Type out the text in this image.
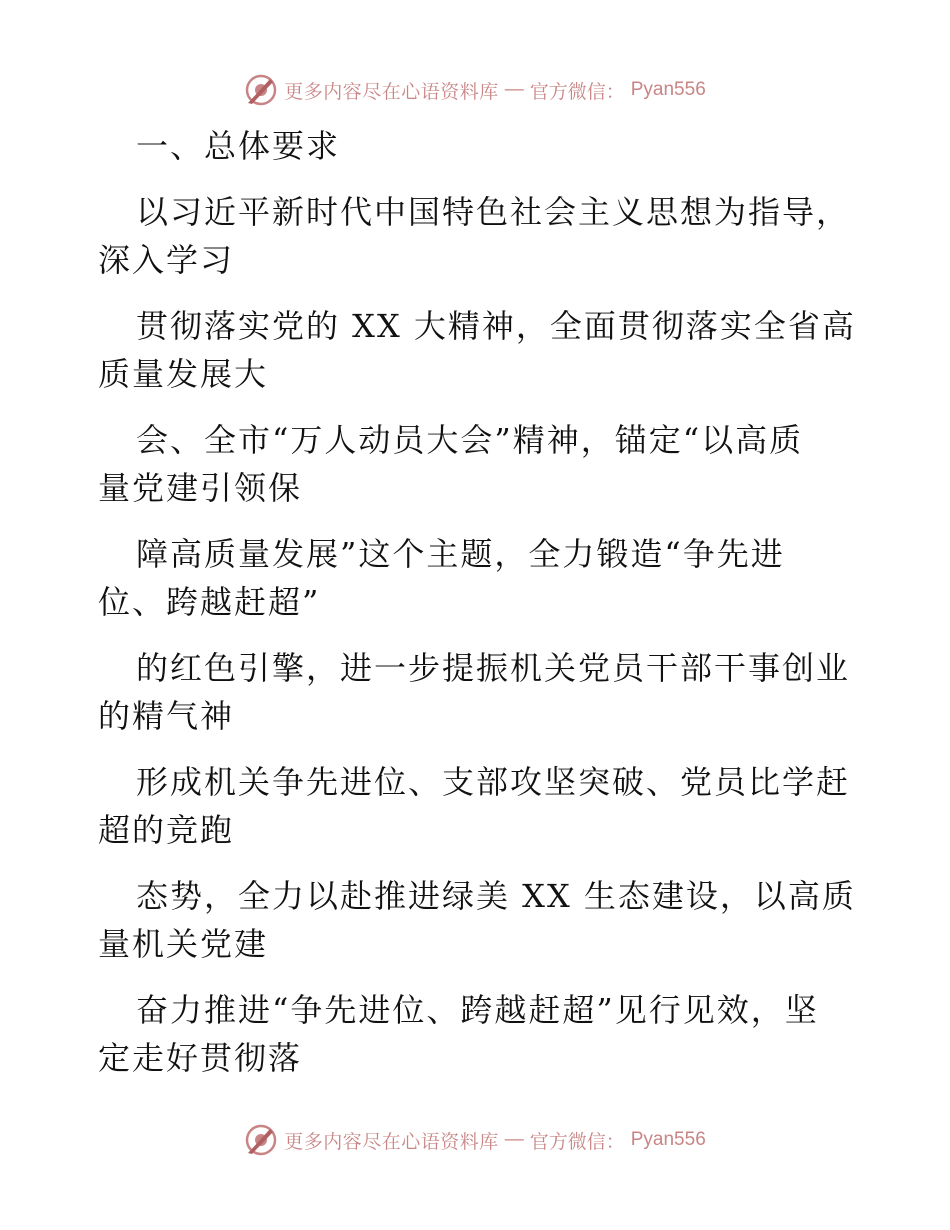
更多内容尽在心语资料库 — 官方微信： Pyan556
一、总体要求
以习近平新时代中国特色社会主义思想为指导，
深入学习
贯彻落实党的 XX 大精神，全面贯彻落实全省高
质量发展大
会、全市“万人动员大会”精神，锚定“以高质
量党建引领保
障高质量发展”这个主题，全力锻造“争先进
位、跨越赶超”
的红色引擎，进一步提振机关党员干部干事创业
的精气神
形成机关争先进位、支部攻坚突破、党员比学赶
超的竞跑
态势，全力以赴推进绿美 XX 生态建设，以高质
量机关党建
奋力推进“争先进位、跨越赶超”见行见效，坚
定走好贯彻落
更多内容尽在心语资料库 — 官方微信： Pyan556
